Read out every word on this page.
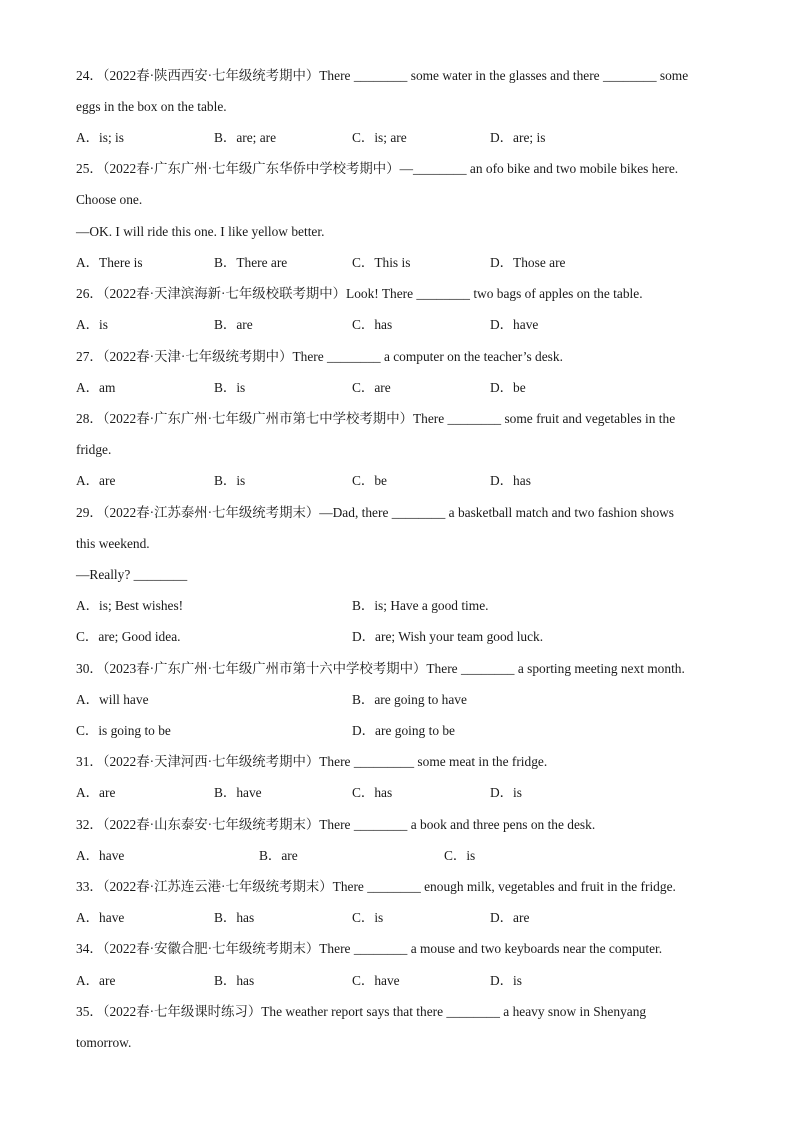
24．（2022春·陕西西安·七年级统考期中）There ________ some water in the glasses and there ________ some
eggs in the box on the table.
A．is; is	B．are; are	C．is; are	D．are; is
25．（2022春·广东广州·七年级广东华侨中学校考期中）—________ an ofo bike and two mobile bikes here.
Choose one.
—OK. I will ride this one. I like yellow better.
A．There is	B．There are	C．This is	D．Those are
26．（2022春·天津滨海新·七年级校联考期中）Look! There ________ two bags of apples on the table.
A．is	B．are	C．has	D．have
27．（2022春·天津·七年级统考期中）There ________ a computer on the teacher’s desk.
A．am	B．is	C．are	D．be
28．（2022春·广东广州·七年级广州市第七中学校考期中）There ________ some fruit and vegetables in the
fridge.
A．are	B．is	C．be	D．has
29．（2022春·江苏泰州·七年级统考期末）—Dad, there ________ a basketball match and two fashion shows
this weekend.
—Really? ________
A．is; Best wishes!	B．is; Have a good time.
C．are; Good idea.	D．are; Wish your team good luck.
30．（2023春·广东广州·七年级广州市第十六中学校考期中）There ________ a sporting meeting next month.
A．will have	B．are going to have
C．is going to be	D．are going to be
31．（2022春·天津河西·七年级统考期中）There _________ some meat in the fridge.
A．are	B．have	C．has	D．is
32．（2022春·山东泰安·七年级统考期末）There ________ a book and three pens on the desk.
A．have	B．are	C．is
33．（2022春·江苏连云港·七年级统考期末）There ________ enough milk, vegetables and fruit in the fridge.
A．have	B．has	C．is	D．are
34．（2022春·安徽合肥·七年级统考期末）There ________ a mouse and two keyboards near the computer.
A．are	B．has	C．have	D．is
35．（2022春·七年级课时练习）The weather report says that there ________ a heavy snow in Shenyang
tomorrow.
